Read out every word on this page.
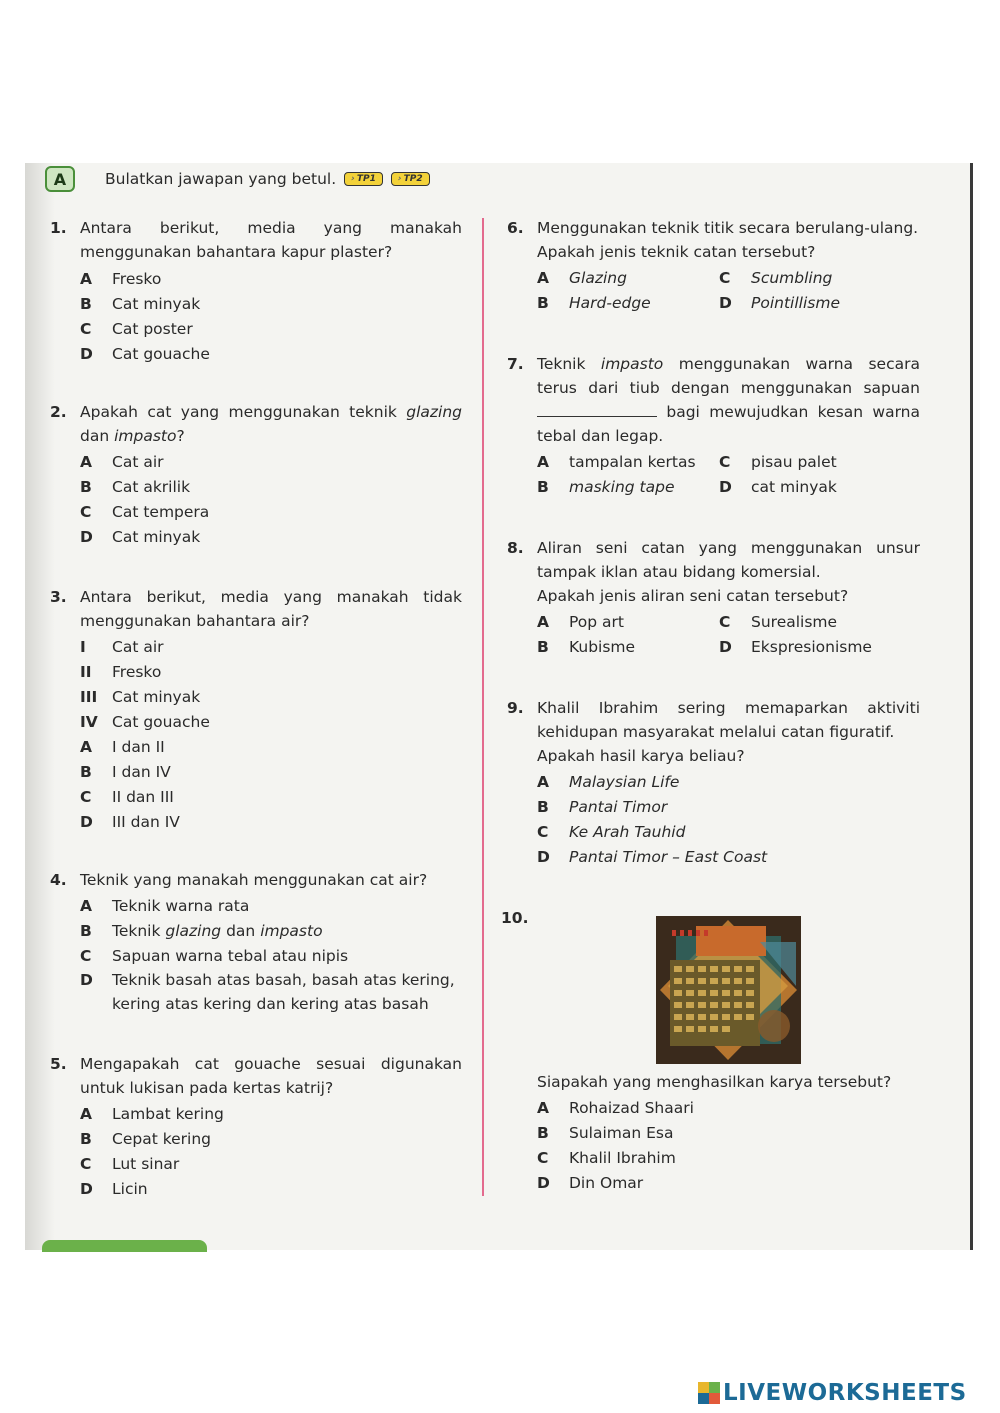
A	Bulatkan jawapan yang betul.	› TP1	› TP2
1. Antara berikut, media yang manakah menggunakan bahantara kapur plaster?
A	Fresko
B	Cat minyak
C	Cat poster
D	Cat gouache
2. Apakah cat yang menggunakan teknik glazing dan impasto?
A	Cat air
B	Cat akrilik
C	Cat tempera
D	Cat minyak
3. Antara berikut, media yang manakah tidak menggunakan bahantara air?
I	Cat air
II	Fresko
III Cat minyak
IV Cat gouache
A	I dan II
B	I dan IV
C	II dan III
D	III dan IV
4. Teknik yang manakah menggunakan cat air?
A	Teknik warna rata
B	Teknik glazing dan impasto
C	Sapuan warna tebal atau nipis
D	Teknik basah atas basah, basah atas kering,
kering atas kering dan kering atas basah
5. Mengapakah cat gouache sesuai digunakan untuk lukisan pada kertas katrij?
A	Lambat kering
B	Cepat kering
C	Lut sinar
D	Licin
6. Menggunakan teknik titik secara berulang-ulang.
Apakah jenis teknik catan tersebut?
A	Glazing	C	Scumbling
B	Hard-edge	D	Pointillisme
7. Teknik impasto menggunakan warna secara
terus dari tiub dengan menggunakan sapuan
bagi mewujudkan kesan warna
tebal dan legap.
A	tampalan kertas C	pisau palet
B	masking tape	D	cat minyak
8. Aliran seni catan yang menggunakan unsur
tampak iklan atau bidang komersial.
Apakah jenis aliran seni catan tersebut?
A	Pop art	C	Surealisme
B	Kubisme	D	Ekspresionisme
9. Khalil Ibrahim sering memaparkan aktiviti
kehidupan masyarakat melalui catan figuratif.
Apakah hasil karya beliau?
A	Malaysian Life
B	Pantai Timor
C	Ke Arah Tauhid
D	Pantai Timor – East Coast
10.
Siapakah yang menghasilkan karya tersebut?
A	Rohaizad Shaari
B	Sulaiman Esa
C	Khalil Ibrahim
D	Din Omar
LIVEWORKSHEETS
